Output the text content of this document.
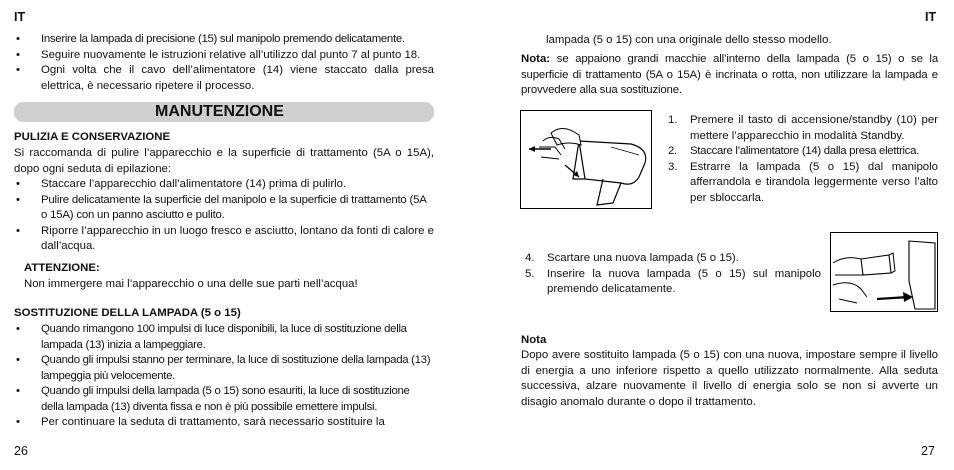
IT
• Inserire la lampada di precisione (15) sul manipolo premendo delicatamente.
• Seguire nuovamente le istruzioni relative all’utilizzo dal punto 7 al punto 18.
• Ogni volta che il cavo dell’alimentatore (14) viene staccato dalla presa elettrica, è necessario ripetere il processo.
MANUTENZIONE
PULIZIA E CONSERVAZIONE
Si raccomanda di pulire l’apparecchio e la superficie di trattamento (5A o 15A), dopo ogni seduta di epilazione:
• Staccare l’apparecchio dall’alimentatore (14) prima di pulirlo.
• Pulire delicatamente la superficie del manipolo e la superficie di trattamento (5A o 15A) con un panno asciutto e pulito.
• Riporre l’apparecchio in un luogo fresco e asciutto, lontano da fonti di calore e dall’acqua.
ATTENZIONE:
Non immergere mai l’apparecchio o una delle sue parti nell’acqua!
SOSTITUZIONE DELLA LAMPADA (5 o 15)
• Quando rimangono 100 impulsi di luce disponibili, la luce di sostituzione della lampada (13) inizia a lampeggiare.
• Quando gli impulsi stanno per terminare, la luce di sostituzione della lampada (13) lampeggia più velocemente.
• Quando gli impulsi della lampada (5 o 15) sono esauriti, la luce di sostituzione della lampada (13) diventa fissa e non è più possibile emettere impulsi.
• Per continuare la seduta di trattamento, sarà necessario sostituire la
26
IT
lampada (5 o 15) con una originale dello stesso modello.
Nota: se appaiono grandi macchie all’interno della lampada (5 o 15) o se la superficie di trattamento (5A o 15A) è incrinata o rotta, non utilizzare la lampada e provvedere alla sua sostituzione.
1. Premere il tasto di accensione/standby (10) per mettere l’apparecchio in modalità Standby.
2. Staccare l’alimentatore (14) dalla presa elettrica.
3. Estrarre la lampada (5 o 15) dal manipolo afferrandola e tirandola leggermente verso l’alto per sbloccarla.
4. Scartare una nuova lampada (5 o 15).
5. Inserire la nuova lampada (5 o 15) sul manipolo premendo delicatamente.
Nota
Dopo avere sostituito lampada (5 o 15) con una nuova, impostare sempre il livello di energia a uno inferiore rispetto a quello utilizzato normalmente. Alla seduta successiva, alzare nuovamente il livello di energia solo se non si avverte un disagio anomalo durante o dopo il trattamento.
27
